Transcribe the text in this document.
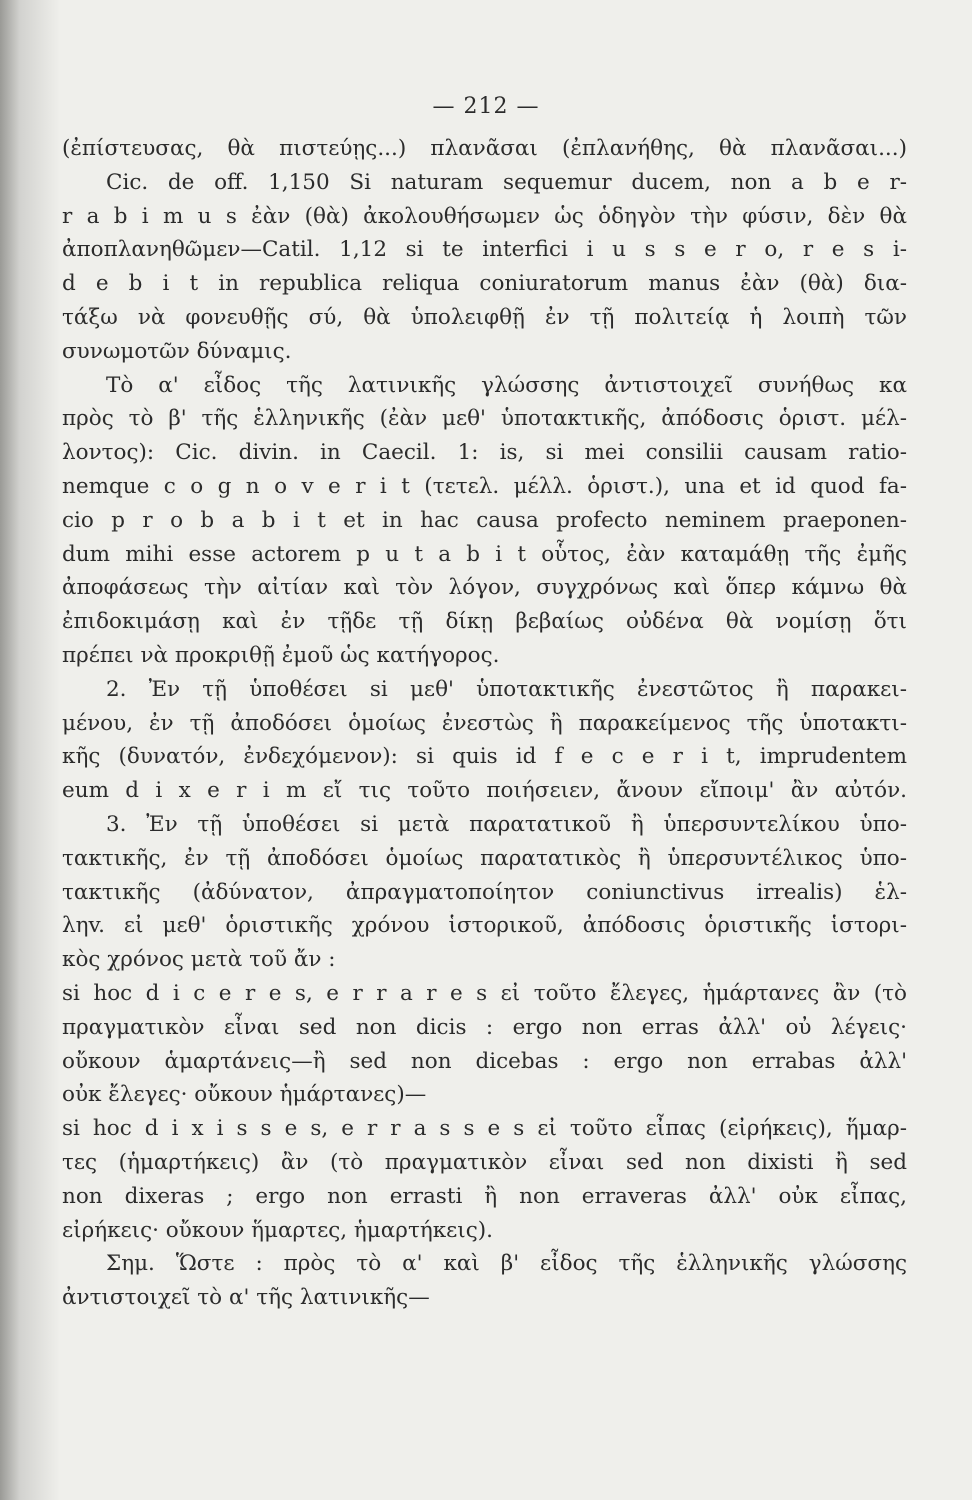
— 212 —
(ἐπίστευσας, θὰ πιστεύῃς...) πλανᾶσαι (ἐπλανήθης, θὰ πλανᾶσαι...)
Cic. de off. 1,150 Si naturam sequemur ducem, non a b e r-
r a b i m u s ἐὰν (θὰ) ἀκολουθήσωμεν ὡς ὁδηγὸν τὴν φύσιν, δὲν θὰ
ἀποπλανηθῶμεν—Catil. 1,12 si te interfici i u s s e r o, r e s i-
d e b i t in republica reliqua coniuratorum manus ἐὰν (θὰ) δια-
τάξω νὰ φονευθῇς σύ, θὰ ὑπολειφθῇ ἐν τῇ πολιτείᾳ ἡ λοιπὴ τῶν
συνωμοτῶν δύναμις.
Τὸ α' εἶδος τῆς λατινικῆς γλώσσης ἀντιστοιχεῖ συνήθως κα
πρὸς τὸ β' τῆς ἑλληνικῆς (ἐὰν μεθ' ὑποτακτικῆς, ἀπόδοσις ὁριστ. μέλ-
λοντος): Cic. divin. in Caecil. 1: is, si mei consilii causam ratio-
nemque c o g n o v e r i t (τετελ. μέλλ. ὁριστ.), una et id quod fa-
cio p r o b a b i t et in hac causa profecto neminem praeponen-
dum mihi esse actorem p u t a b i t οὗτος, ἐὰν καταμάθῃ τῆς ἐμῆς
ἀποφάσεως τὴν αἰτίαν καὶ τὸν λόγον, συγχρόνως καὶ ὅπερ κάμνω θὰ
ἐπιδοκιμάσῃ καὶ ἐν τῇδε τῇ δίκῃ βεβαίως οὐδένα θὰ νομίσῃ ὅτι
πρέπει νὰ προκριθῇ ἐμοῦ ὡς κατήγορος.
2. Ἐν τῇ ὑποθέσει si μεθ' ὑποτακτικῆς ἐνεστῶτος ἢ παρακει-
μένου, ἐν τῇ ἀποδόσει ὁμοίως ἐνεστὼς ἢ παρακείμενος τῆς ὑποτακτι-
κῆς (δυνατόν, ἐνδεχόμενον): si quis id f e c e r i t, imprudentem
eum d i x e r i m εἴ τις τοῦτο ποιήσειεν, ἄνουν εἴποιμ' ἂν αὐτόν.
3. Ἐν τῇ ὑποθέσει si μετὰ παρατατικοῦ ἢ ὑπερσυντελίκου ὑπο-
τακτικῆς, ἐν τῇ ἀποδόσει ὁμοίως παρατατικὸς ἢ ὑπερσυντέλικος ὑπο-
τακτικῆς (ἀδύνατον, ἀπραγματοποίητον coniunctivus irrealis) ἑλ-
ληv. εἰ μεθ' ὁριστικῆς χρόνου ἱστορικοῦ, ἀπόδοσις ὁριστικῆς ἱστορι-
κὸς χρόνος μετὰ τοῦ ἄν :
si hoc d i c e r e s, e r r a r e s εἰ τοῦτο ἔλεγες, ἡμάρτανες ἂν (τὸ
πραγματικὸν εἶναι sed non dicis : ergo non erras ἀλλ' οὐ λέγεις·
οὔκουν ἁμαρτάνεις—ἢ sed non dicebas : ergo non errabas ἀλλ'
οὐκ ἔλεγες· οὔκουν ἡμάρτανες)—
si hoc d i x i s s e s, e r r a s s e s εἰ τοῦτο εἶπας (εἰρήκεις), ἥμαρ-
τες (ἡμαρτήκεις) ἂν (τὸ πραγματικὸν εἶναι sed non dixisti ἢ sed
non dixeras ; ergo non errasti ἢ non erraveras ἀλλ' οὐκ εἶπας,
εἰρήκεις· οὔκουν ἥμαρτες, ἡμαρτήκεις).
Σημ. Ὥστε : πρὸς τὸ α' καὶ β' εἶδος τῆς ἑλληνικῆς γλώσσης
ἀντιστοιχεῖ τὸ α' τῆς λατινικῆς—
